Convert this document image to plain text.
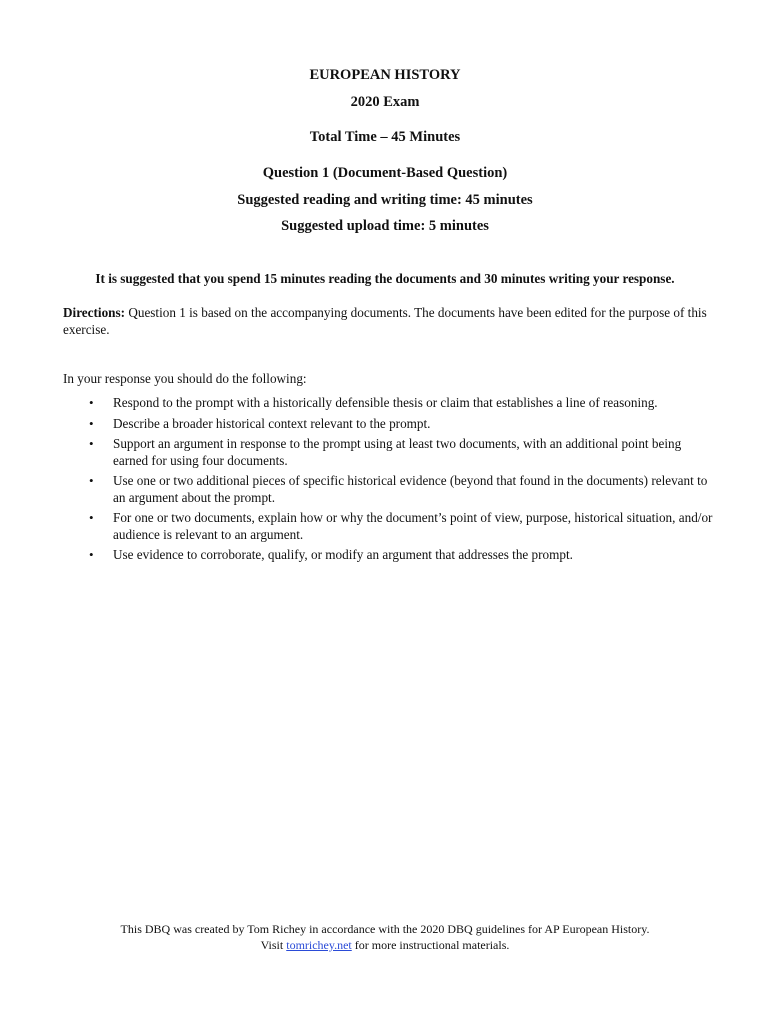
EUROPEAN HISTORY
2020 Exam
Total Time – 45 Minutes
Question 1 (Document-Based Question)
Suggested reading and writing time: 45 minutes
Suggested upload time: 5 minutes
It is suggested that you spend 15 minutes reading the documents and 30 minutes writing your response.
Directions: Question 1 is based on the accompanying documents. The documents have been edited for the purpose of this exercise.
In your response you should do the following:
• Respond to the prompt with a historically defensible thesis or claim that establishes a line of reasoning.
• Describe a broader historical context relevant to the prompt.
• Support an argument in response to the prompt using at least two documents, with an additional point being earned for using four documents.
• Use one or two additional pieces of specific historical evidence (beyond that found in the documents) relevant to an argument about the prompt.
• For one or two documents, explain how or why the document’s point of view, purpose, historical situation, and/or audience is relevant to an argument.
• Use evidence to corroborate, qualify, or modify an argument that addresses the prompt.
This DBQ was created by Tom Richey in accordance with the 2020 DBQ guidelines for AP European History.
Visit tomrichey.net for more instructional materials.
